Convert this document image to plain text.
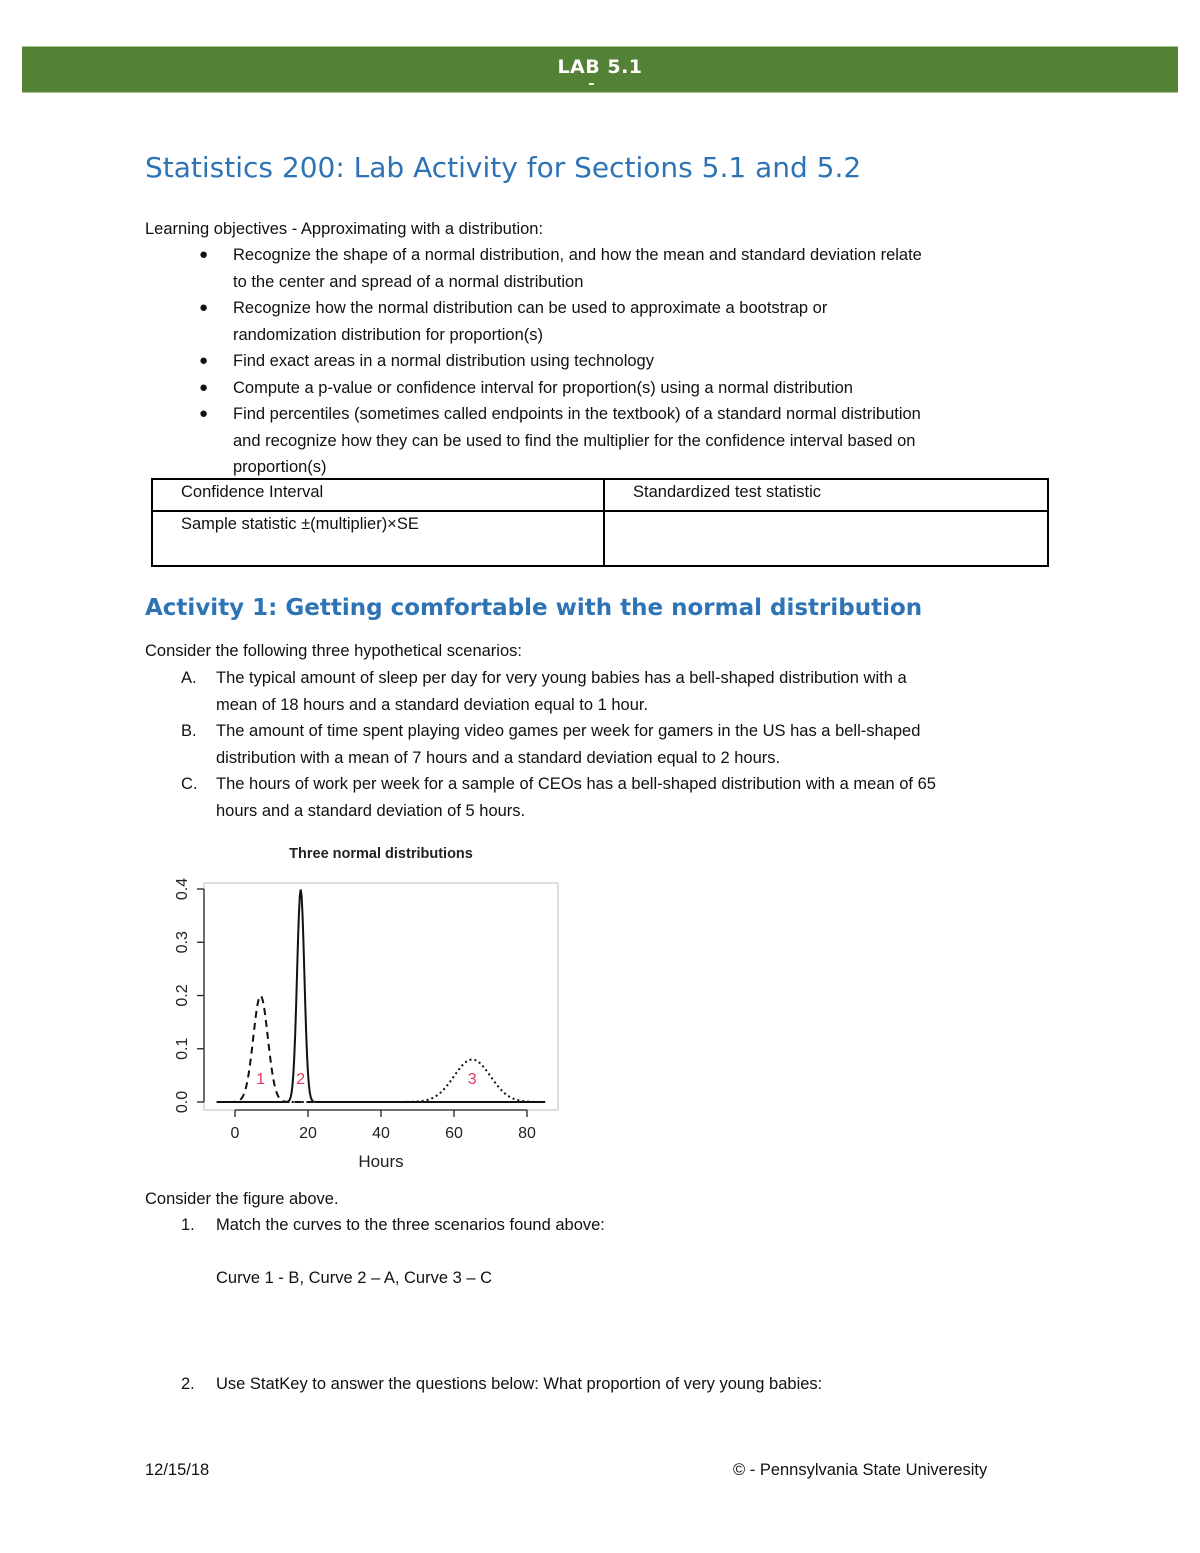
LAB 5.1
Statistics 200: Lab Activity for Sections 5.1 and 5.2
Learning objectives - Approximating with a distribution:
● Recognize the shape of a normal distribution, and how the mean and standard deviation relate
to the center and spread of a normal distribution
● Recognize how the normal distribution can be used to approximate a bootstrap or
randomization distribution for proportion(s)
● Find exact areas in a normal distribution using technology
● Compute a p-value or confidence interval for proportion(s) using a normal distribution
● Find percentiles (sometimes called endpoints in the textbook) of a standard normal distribution
and recognize how they can be used to find the multiplier for the confidence interval based on
proportion(s)
Confidence Interval	Standardized test statistic
Sample statistic ±(multiplier)×SE	
Activity 1: Getting comfortable with the normal distribution
Consider the following three hypothetical scenarios:
A. The typical amount of sleep per day for very young babies has a bell-shaped distribution with a
mean of 18 hours and a standard deviation equal to 1 hour.
B. The amount of time spent playing video games per week for gamers in the US has a bell-shaped
distribution with a mean of 7 hours and a standard deviation equal to 2 hours.
C. The hours of work per week for a sample of CEOs has a bell-shaped distribution with a mean of 65
hours and a standard deviation of 5 hours.
Three normal distributions
0.0
0.1
0.2
0.3
0.4
0	20	40	60	80
1 2	3
Hours
Consider the figure above.
1. Match the curves to the three scenarios found above:
Curve 1 - B, Curve 2 – A, Curve 3 – C
2. Use StatKey to answer the questions below: What proportion of very young babies:
12/15/18	© - Pennsylvania State Univeresity
